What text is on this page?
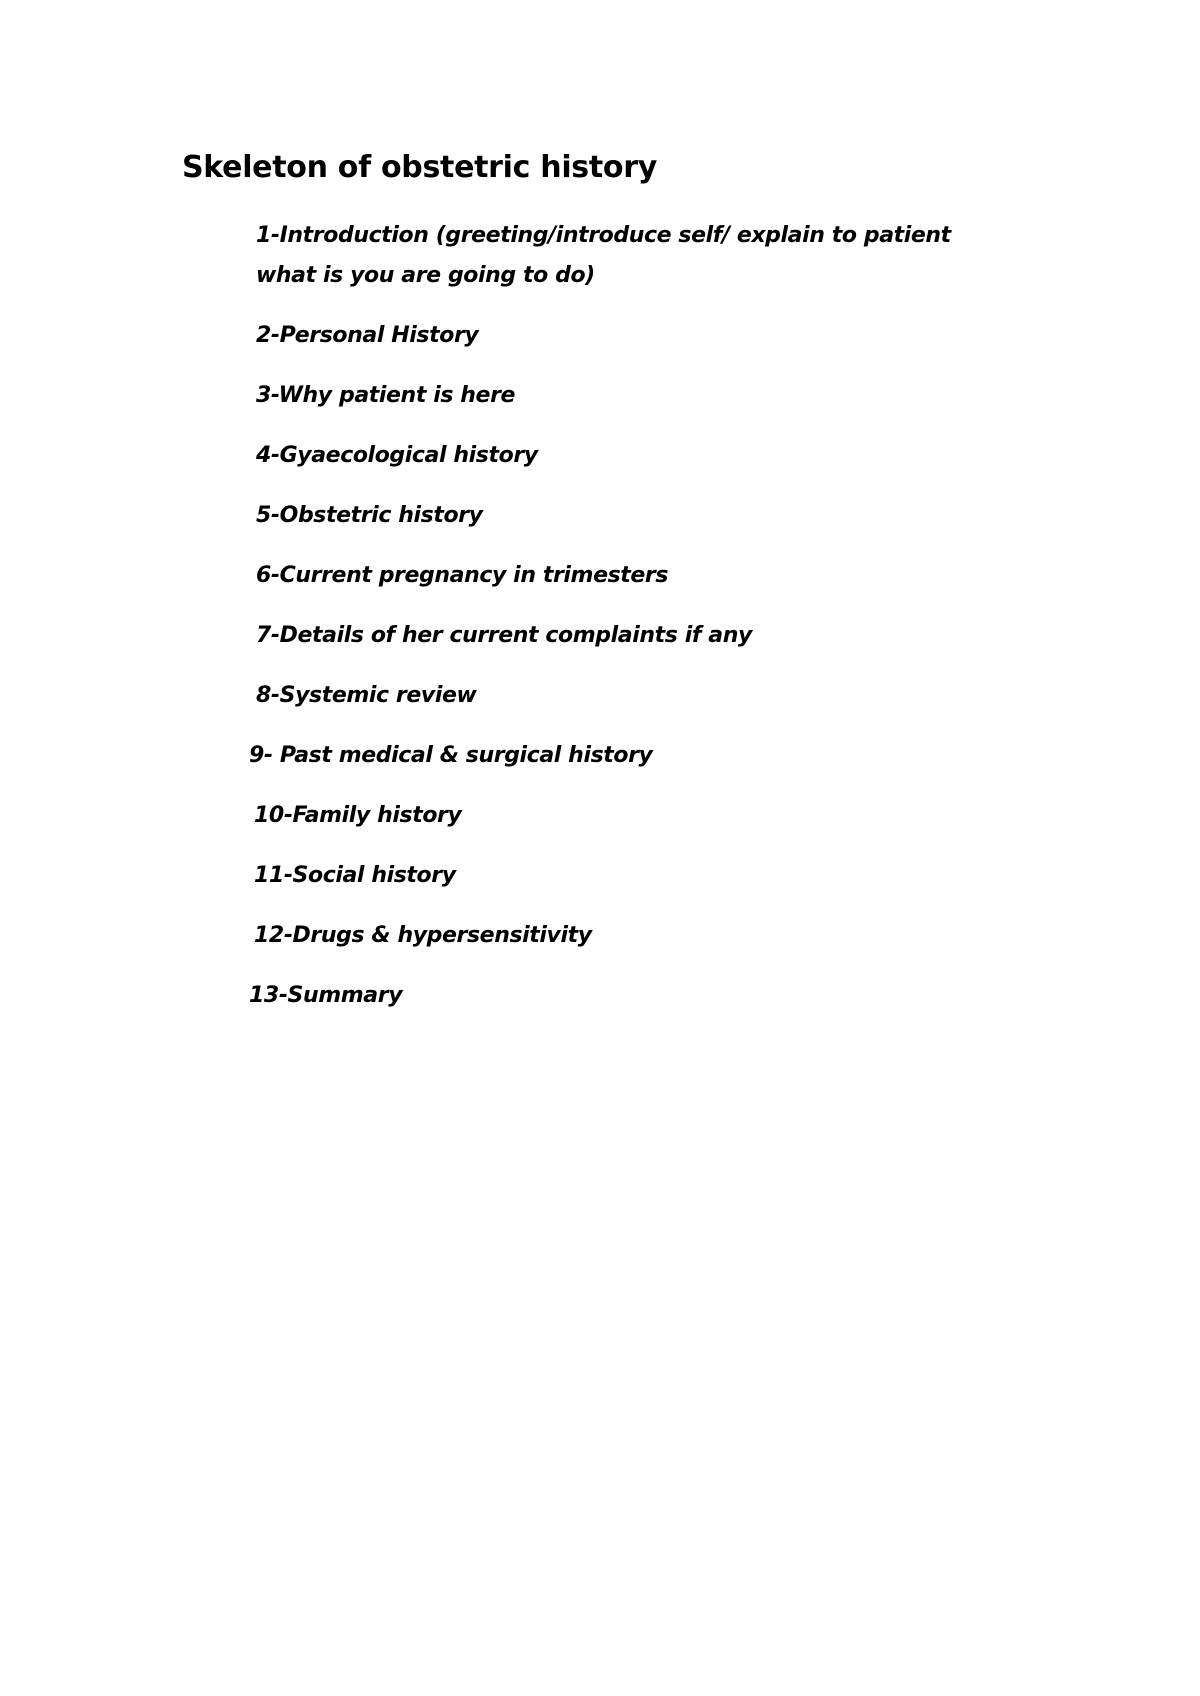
Skeleton of obstetric history

1-Introduction (greeting/introduce self/ explain to patient what is you are going to do)

2-Personal History

3-Why patient is here

4-Gyaecological history

5-Obstetric history

6-Current pregnancy in trimesters

7-Details of her current complaints if any

8-Systemic review

9- Past medical & surgical history

10-Family history

11-Social history

12-Drugs & hypersensitivity

13-Summary
